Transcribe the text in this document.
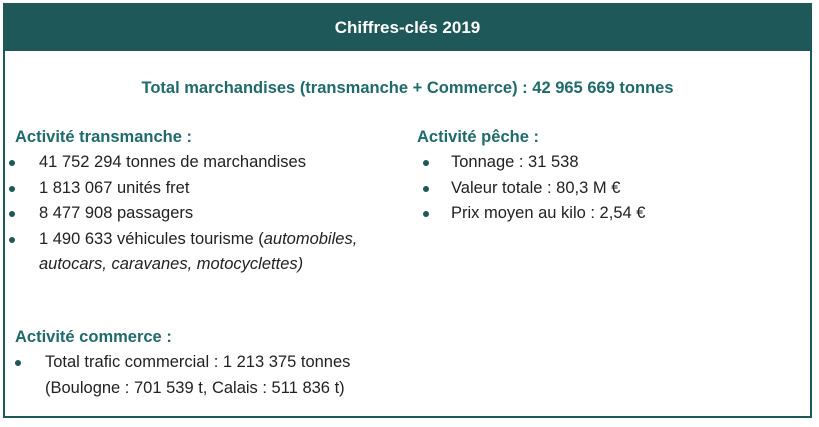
Chiffres-clés 2019
Total marchandises (transmanche + Commerce) : 42 965 669 tonnes
Activité transmanche :
41 752 294 tonnes de marchandises
1 813 067 unités fret
8 477 908 passagers
1 490 633 véhicules tourisme (automobiles,
autocars, caravanes, motocyclettes)
Activité pêche :
Tonnage : 31 538
Valeur totale : 80,3 M €
Prix moyen au kilo : 2,54 €
Activité commerce :
Total trafic commercial : 1 213 375 tonnes
(Boulogne : 701 539 t, Calais : 511 836 t)
